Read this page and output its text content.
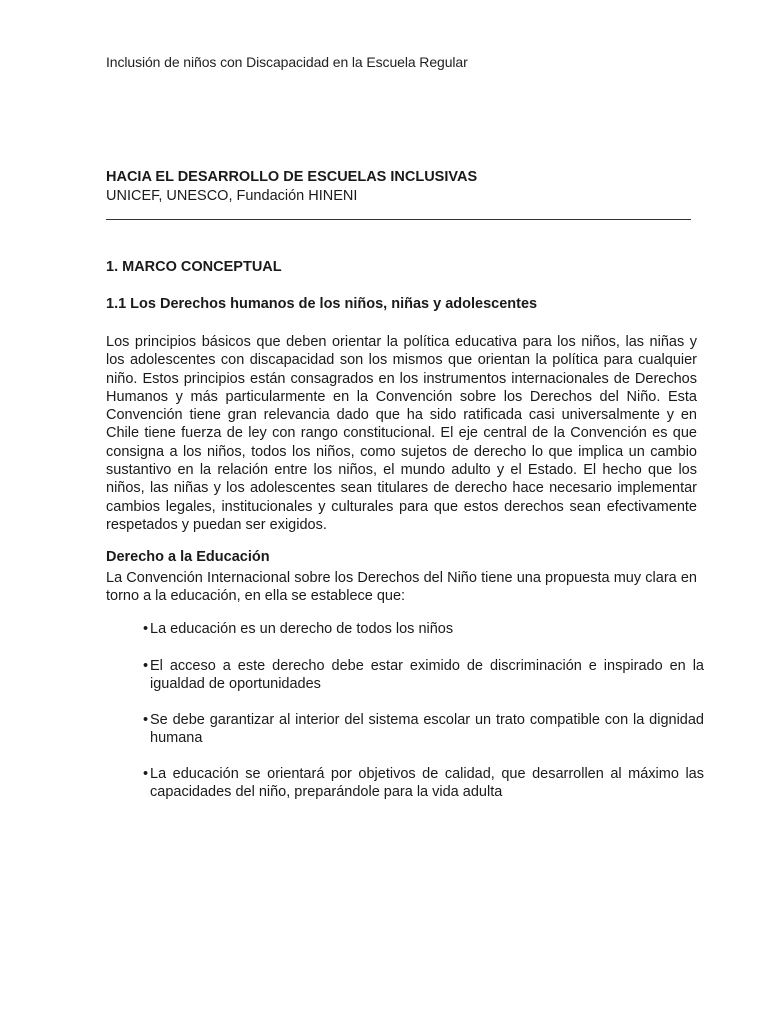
Inclusión de niños con Discapacidad en la Escuela Regular
HACIA EL DESARROLLO DE ESCUELAS INCLUSIVAS
UNICEF, UNESCO, Fundación HINENI
1. MARCO CONCEPTUAL
1.1 Los Derechos humanos de los niños, niñas y adolescentes

Los principios básicos que deben orientar la política educativa para los niños, las niñas y los adolescentes con discapacidad son los mismos que orientan la política para cualquier niño. Estos principios están consagrados en los instrumentos internacionales de Derechos Humanos y más particularmente en la Convención sobre los Derechos del Niño. Esta Convención tiene gran relevancia dado que ha sido ratificada casi universalmente y en Chile tiene fuerza de ley con rango constitucional. El eje central de la Convención es que consigna a los niños, todos los niños, como sujetos de derecho lo que implica un cambio sustantivo en la relación entre los niños, el mundo adulto y el Estado. El hecho que los niños, las niñas y los adolescentes sean titulares de derecho hace necesario implementar cambios legales, institucionales y culturales para que estos derechos sean efectivamente respetados y puedan ser exigidos.

Derecho a la Educación

La Convención Internacional sobre los Derechos del Niño tiene una propuesta muy clara en torno a la educación, en ella se establece que:

• La educación es un derecho de todos los niños
• El acceso a este derecho debe estar eximido de discriminación e inspirado en la igualdad de oportunidades
• Se debe garantizar al interior del sistema escolar un trato compatible con la dignidad humana
• La educación se orientará por objetivos de calidad, que desarrollen al máximo las capacidades del niño, preparándole para la vida adulta
